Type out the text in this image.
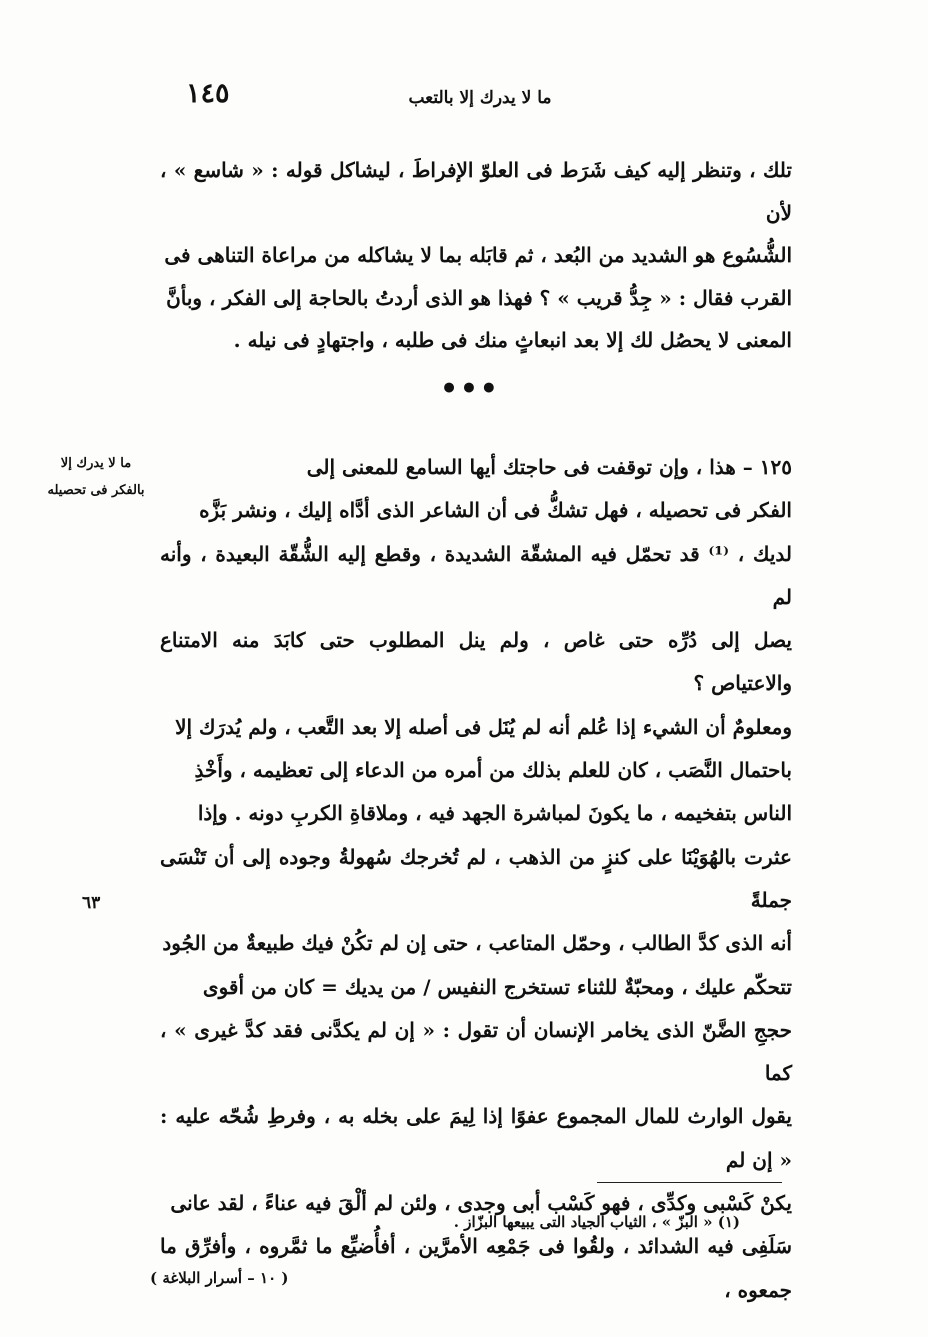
١٤٥	ما لا يدرك إلا بالتعب

تلك ، وتنظر إليه كيف شَرَط فى العلوّ الإفراطَ ، ليشاكل قوله : « شاسع » ، لأن

الشُّسُوع هو الشديد من البُعد ، ثم قابَله بما لا يشاكله من مراعاة التناهى فى

القرب فقال : « جِدُّ قريب » ؟ فهذا هو الذى أردتُ بالحاجة إلى الفكر ، وبأنَّ

المعنى لا يحصُل لك إلا بعد انبعاثٍ منك فى طلبه ، واجتهادٍ فى نيله .

•••
ما لا يدرك إلا
بالفكر فى تحصيله
٦٣

١٢٥ – هذا ، وإن توقفت فى حاجتك أيها السامع للمعنى إلى

الفكر فى تحصيله ، فهل تشكُّ فى أن الشاعر الذى أدَّاه إليك ، ونشر بَزَّه

لديك ، ⁽¹⁾ قد تحمّل فيه المشقّة الشديدة ، وقطع إليه الشُّقّة البعيدة ، وأنه لم

يصل إلى دُرِّه حتى غاص ، ولم ينل المطلوب حتى كابَدَ منه الامتناع والاعتياص ؟

ومعلومٌ أن الشيء إذا عُلم أنه لم يُنَل فى أصله إلا بعد التَّعب ، ولم يُدرَك إلا

باحتمال النَّصَب ، كان للعلم بذلك من أمره من الدعاء إلى تعظيمه ، وأَخْذِ

الناس بتفخيمه ، ما يكونَ لمباشرة الجهد فيه ، وملاقاةِ الكربِ دونه . وإذا

عثرت بالهُوَيْنَا على كنزٍ من الذهب ، لم تُخرجك سُهولةُ وجوده إلى أن تَنْسَى جملةً

أنه الذى كدَّ الطالب ، وحمّل المتاعب ، حتى إن لم تكُنْ فيك طبيعةٌ من الجُود

تتحكّم عليك ، ومحبّةٌ للثناء تستخرج النفيس / من يديك = كان من أقوى

حججِ الضَّنّ الذى يخامر الإنسان أن تقول : « إن لم يكدَّنى فقد كدَّ غيرى » ، كما

يقول الوارث للمال المجموع عفوًا إذا لِيمَ على بخله به ، وفرطِ شُحّه عليه : « إن لم

يكنْ كَسْبى وكدِّى ، فهو كَسْب أبى وجدى ، ولئن لم ألْقَ فيه عناءً ، لقد عانى

سَلَفِى فيه الشدائد ، ولقُوا فى جَمْعِه الأمرَّين ، أفأُضيِّع ما ثمَّروه ، وأفرِّق ما جمعوه ،

(١) « البزّ » ، الثياب الجياد التى يبيعها البزّاز .
( ١٠ – أسرار البلاغة )
